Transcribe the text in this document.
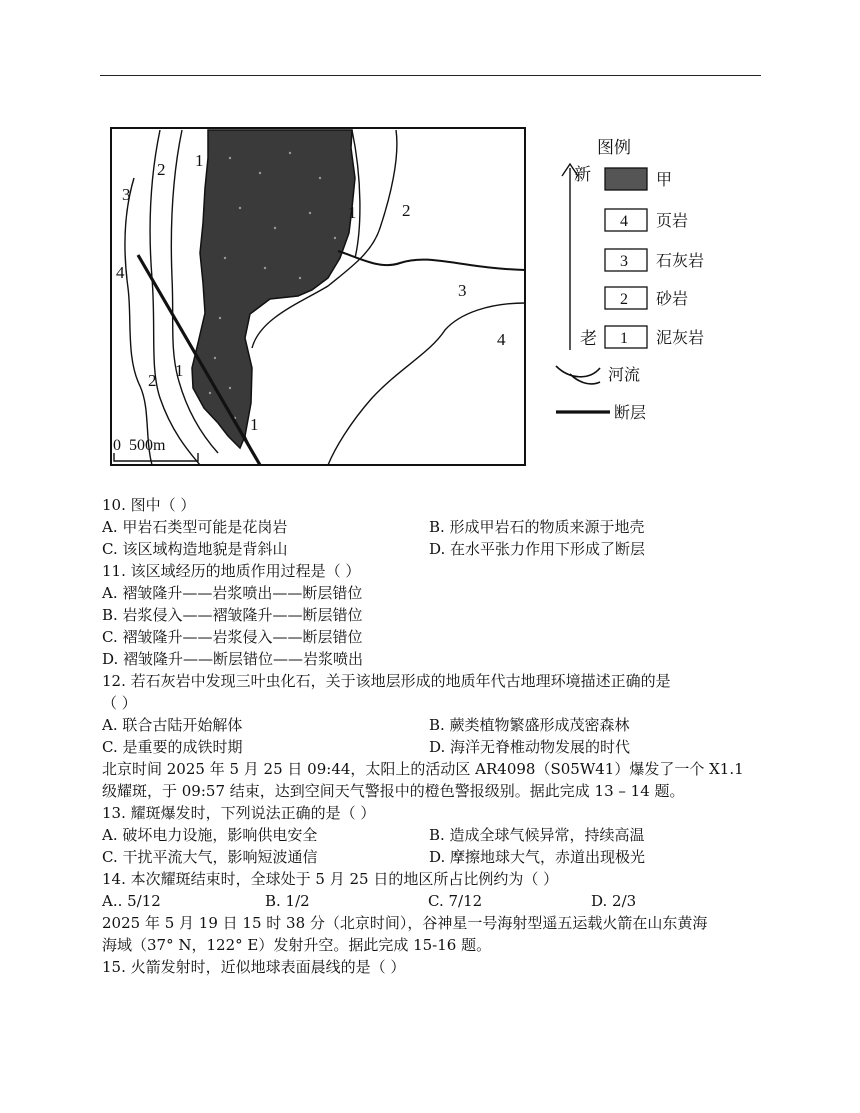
1
2
3
4
1	2
3
4
1
2
1
0  500m
图例
新
老
4
3
2
1
甲
页岩
石灰岩
砂岩
泥灰岩
河流
断层
10. 图中（ ）
A. 甲岩石类型可能是花岗岩	B. 形成甲岩石的物质来源于地壳
C. 该区域构造地貌是背斜山	D. 在水平张力作用下形成了断层
11. 该区域经历的地质作用过程是（ ）
A. 褶皱隆升——岩浆喷出——断层错位
B. 岩浆侵入——褶皱隆升——断层错位
C. 褶皱隆升——岩浆侵入——断层错位
D. 褶皱隆升——断层错位——岩浆喷出
12. 若石灰岩中发现三叶虫化石，关于该地层形成的地质年代古地理环境描述正确的是
（ ）
A. 联合古陆开始解体	B. 蕨类植物繁盛形成茂密森林
C. 是重要的成铁时期	D. 海洋无脊椎动物发展的时代
北京时间 2025 年 5 月 25 日 09:44，太阳上的活动区 AR4098（S05W41）爆发了一个 X1.1
级耀斑，于 09:57 结束，达到空间天气警报中的橙色警报级别。据此完成 13 – 14 题。
13. 耀斑爆发时，下列说法正确的是（ ）
A. 破坏电力设施，影响供电安全	B. 造成全球气候异常，持续高温
C. 干扰平流大气，影响短波通信	D. 摩擦地球大气，赤道出现极光
14. 本次耀斑结束时，全球处于 5 月 25 日的地区所占比例约为（ ）
A.. 5/12	B. 1/2	C. 7/12	D. 2/3
2025 年 5 月 19 日 15 时 38 分（北京时间），谷神星一号海射型遥五运载火箭在山东黄海
海域（37° N，122° E）发射升空。据此完成 15-16 题。
15. 火箭发射时，近似地球表面晨线的是（ ）
